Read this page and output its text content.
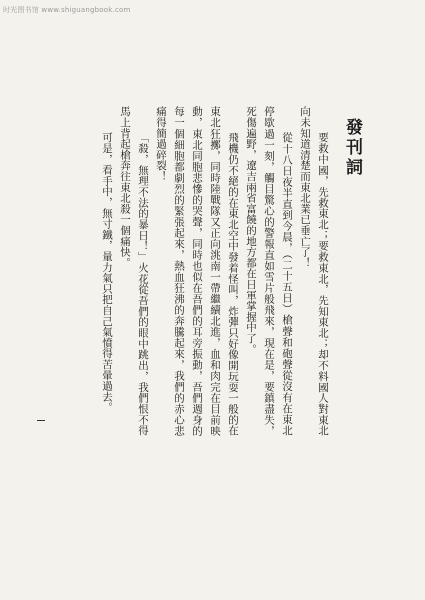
时光图书馆 www.shiguangbook.com
發刊詞

要救中國，先救東北；要救東北，先知東北；却不料國人對東北向未知道清楚而東北業已垂亡了！

從十八日夜半直到今晨，（二十五日）槍聲和砲聲從沒有在東北停歇過一刻，觸目驚心的警報直如雪片般飛來，現在是，要鎮盡失，死傷遍野，遼吉兩省富饒的地方都在日軍掌握中了。

飛機仍不絕的在東北空中發着怪叫，炸彈只好像開玩耍一般的在東北狂擲，同時陸戰隊又正向洮南一帶繼續北進，血和肉完在目前映動，東北同胞悲慘的哭聲，同時也似在吾們的耳旁振動，吾們週身的每一個細胞都劇烈的緊張起來，熱血狂沸的奔騰起來，我們的赤心悲痛得簡過碎裂！

「殺，無理不法的暴日！」火花從吾們的眼中跳出，我們恨不得馬上背起槍奔往東北殺一個痛快。

可是，看手中，無寸鐵，量力氣只把自己氣憤得苦暈過去。
